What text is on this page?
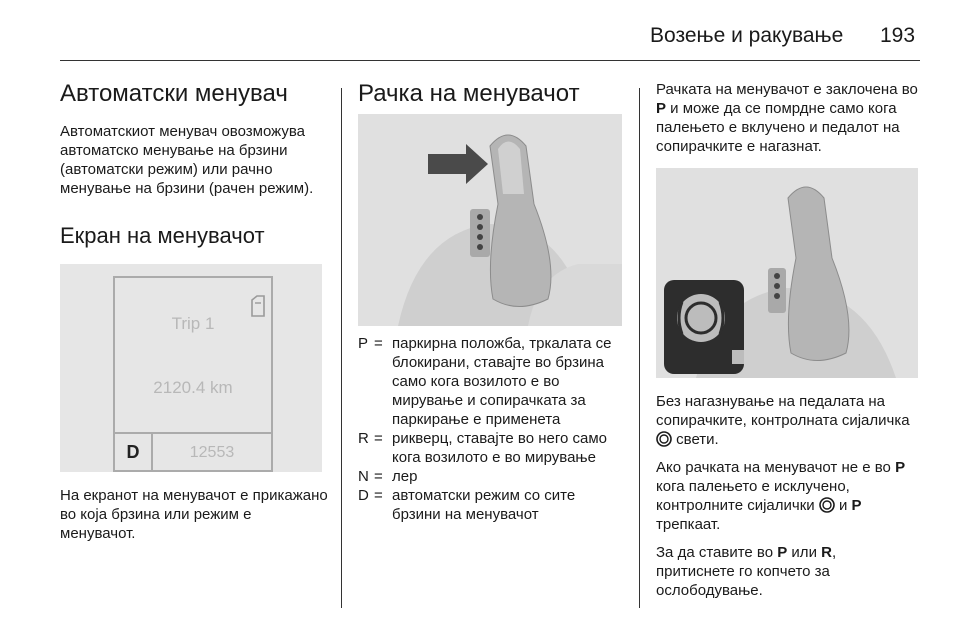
Возење и ракување 193
Автоматски менувач

Автоматскиот менувач овозможува автоматско менување на брзини (автоматски режим) или рачно менување на брзини (рачен режим).

Екран на менувачот
Trip 1
2120.4 km
D	12553

На екранот на менувачот е прикажано во која брзина или режим е менувачот.

Рачка на менувачот
P = паркирна положба, тркалата се блокирани, ставајте во брзина само кога возилото е во мирување и сопирачката за паркирање е применета
R = рикверц, ставајте во него само кога возилото е во мирување
N = лер
D = автоматски режим со сите брзини на менувачот

Рачката на менувачот е заклочена во P и може да се помрдне само кога палењето е вклучено и педалот на сопирачките е нагазнат.

Без нагазнување на педалата на сопирачките, контролната сијаличка  свети.

Ако рачката на менувачот не е во P кога палењето е исклучено, контролните сијалички  и P трепкаат.

За да ставите во P или R,
притиснете го копчето за ослободување.
